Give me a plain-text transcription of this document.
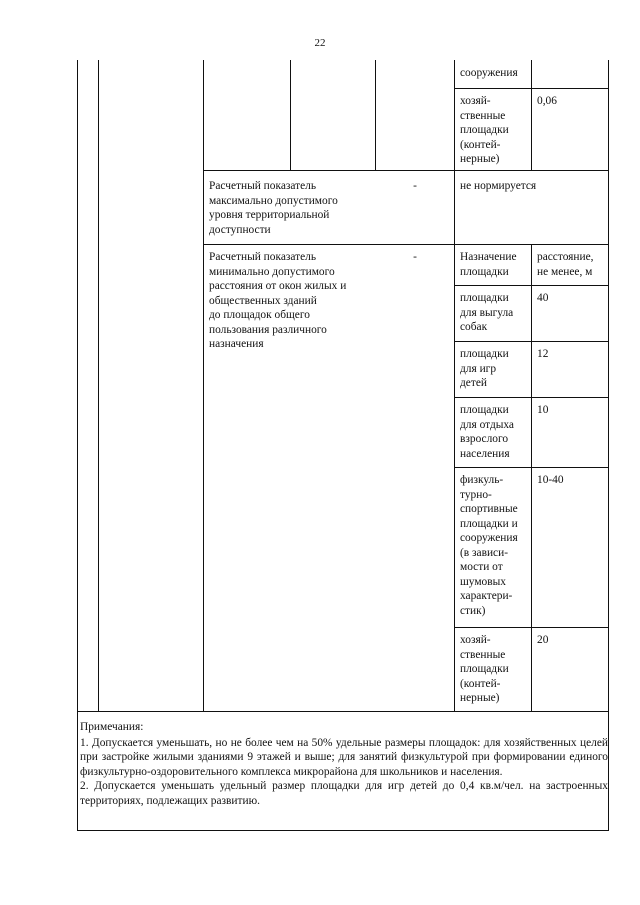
22
сооружения
хозяй-
ственные
площадки
(контей-
нерные)
0,06
Расчетный показатель
максимально допустимого
уровня территориальной
доступности
-	не нормируется
Расчетный показатель
минимально допустимого
расстояния от окон жилых и
общественных зданий
до площадок общего
пользования различного
назначения
-	Назначение
площадки
расстояние,
не менее, м
площадки
для выгула
собак
40
площадки
для игр
детей
12
площадки
для отдыха
взрослого
населения
10
физкуль-
турно-
спортивные
площадки и
сооружения
(в зависи-
мости от
шумовых
характери-
стик)
10-40
хозяй-
ственные
площадки
(контей-
нерные)
20

Примечания:

1. Допускается уменьшать, но не более чем на 50% удельные размеры площадок: для хозяйственных целей при застройке жилыми зданиями 9 этажей и выше; для занятий физкультурой при формировании единого физкультурно-оздоровительного комплекса микрорайона для школьников и населения.

2. Допускается уменьшать удельный размер площадки для игр детей до 0,4 кв.м/чел. на застроенных территориях, подлежащих развитию.
